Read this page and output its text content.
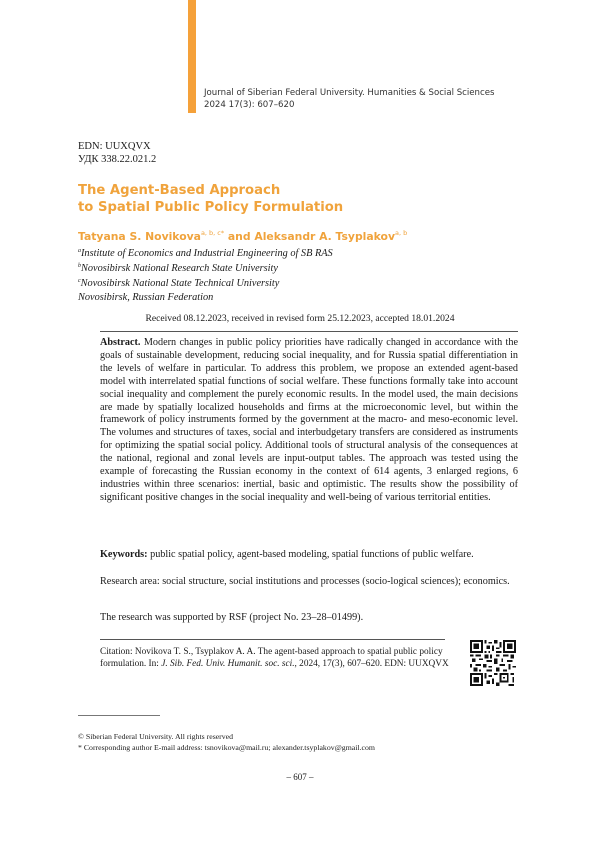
Journal of Siberian Federal University. Humanities & Social Sciences
2024 17(3): 607–620
EDN: UUXQVX
УДК 338.22.021.2
The Agent-Based Approach
to Spatial Public Policy Formulation
Tatyana S. Novikova$^{a, b, c*}$ and Aleksandr A. Tsyplakov$^{a, b}$
$^a$Institute of Economics and Industrial Engineering of SB RAS
$^b$Novosibirsk National Research State University
$^c$Novosibirsk National State Technical University
Novosibirsk, Russian Federation
Received 08.12.2023, received in revised form 25.12.2023, accepted 18.01.2024
Abstract. Modern changes in public policy priorities have radically changed in accordance with the goals of sustainable development, reducing social inequality, and for Russia spatial differentiation in the levels of welfare in particular. To address this problem, we propose an extended agent-based model with interrelated spatial functions of social welfare. These functions formally take into account social inequality and complement the purely economic results. In the model used, the main decisions are made by spatially localized households and firms at the microeconomic level, but within the framework of policy instruments formed by the government at the macro- and meso-economic level. The volumes and structures of taxes, social and interbudgetary transfers are considered as instruments for optimizing the spatial social policy. Additional tools of structural analysis of the consequences at the national, regional and zonal levels are input-output tables. The approach was tested using the example of forecasting the Russian economy in the context of 614 agents, 3 enlarged regions, 6 industries within three scenarios: inertial, basic and optimistic. The results show the possibility of significant positive changes in the social inequality and well-being of various territorial entities.
Keywords: public spatial policy, agent-based modeling, spatial functions of public welfare.
Research area: social structure, social institutions and processes (socio-logical sciences); economics.
The research was supported by RSF (project No. 23–28–01499).
Citation: Novikova T. S., Tsyplakov A. A. The agent-based approach to spatial public policy formulation. In: J. Sib. Fed. Univ. Humanit. soc. sci., 2024, 17(3), 607–620. EDN: UUXQVX
© Siberian Federal University. All rights reserved
* Corresponding author E-mail address: tsnovikova@mail.ru; alexander.tsyplakov@gmail.com
– 607 –
